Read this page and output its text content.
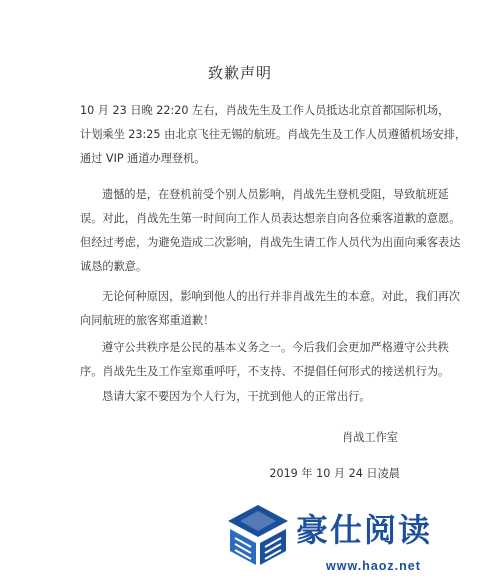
致歉声明
10 月 23 日晚 22:20 左右，肖战先生及工作人员抵达北京首都国际机场，
计划乘坐 23:25 由北京飞往无锡的航班。肖战先生及工作人员遵循机场安排，
通过 VIP 通道办理登机。
遗憾的是，在登机前受个别人员影响，肖战先生登机受阻，导致航班延
误。对此，肖战先生第一时间向工作人员表达想亲自向各位乘客道歉的意愿。
但经过考虑，为避免造成二次影响，肖战先生请工作人员代为出面向乘客表达
诚恳的歉意。
无论何种原因，影响到他人的出行并非肖战先生的本意。对此，我们再次
向同航班的旅客郑重道歉！
遵守公共秩序是公民的基本义务之一。今后我们会更加严格遵守公共秩
序。肖战先生及工作室郑重呼吁，不支持、不提倡任何形式的接送机行为。
恳请大家不要因为个人行为，干扰到他人的正常出行。
肖战工作室
2019 年 10 月 24 日凌晨
豪仕阅读
www.haoz.net
